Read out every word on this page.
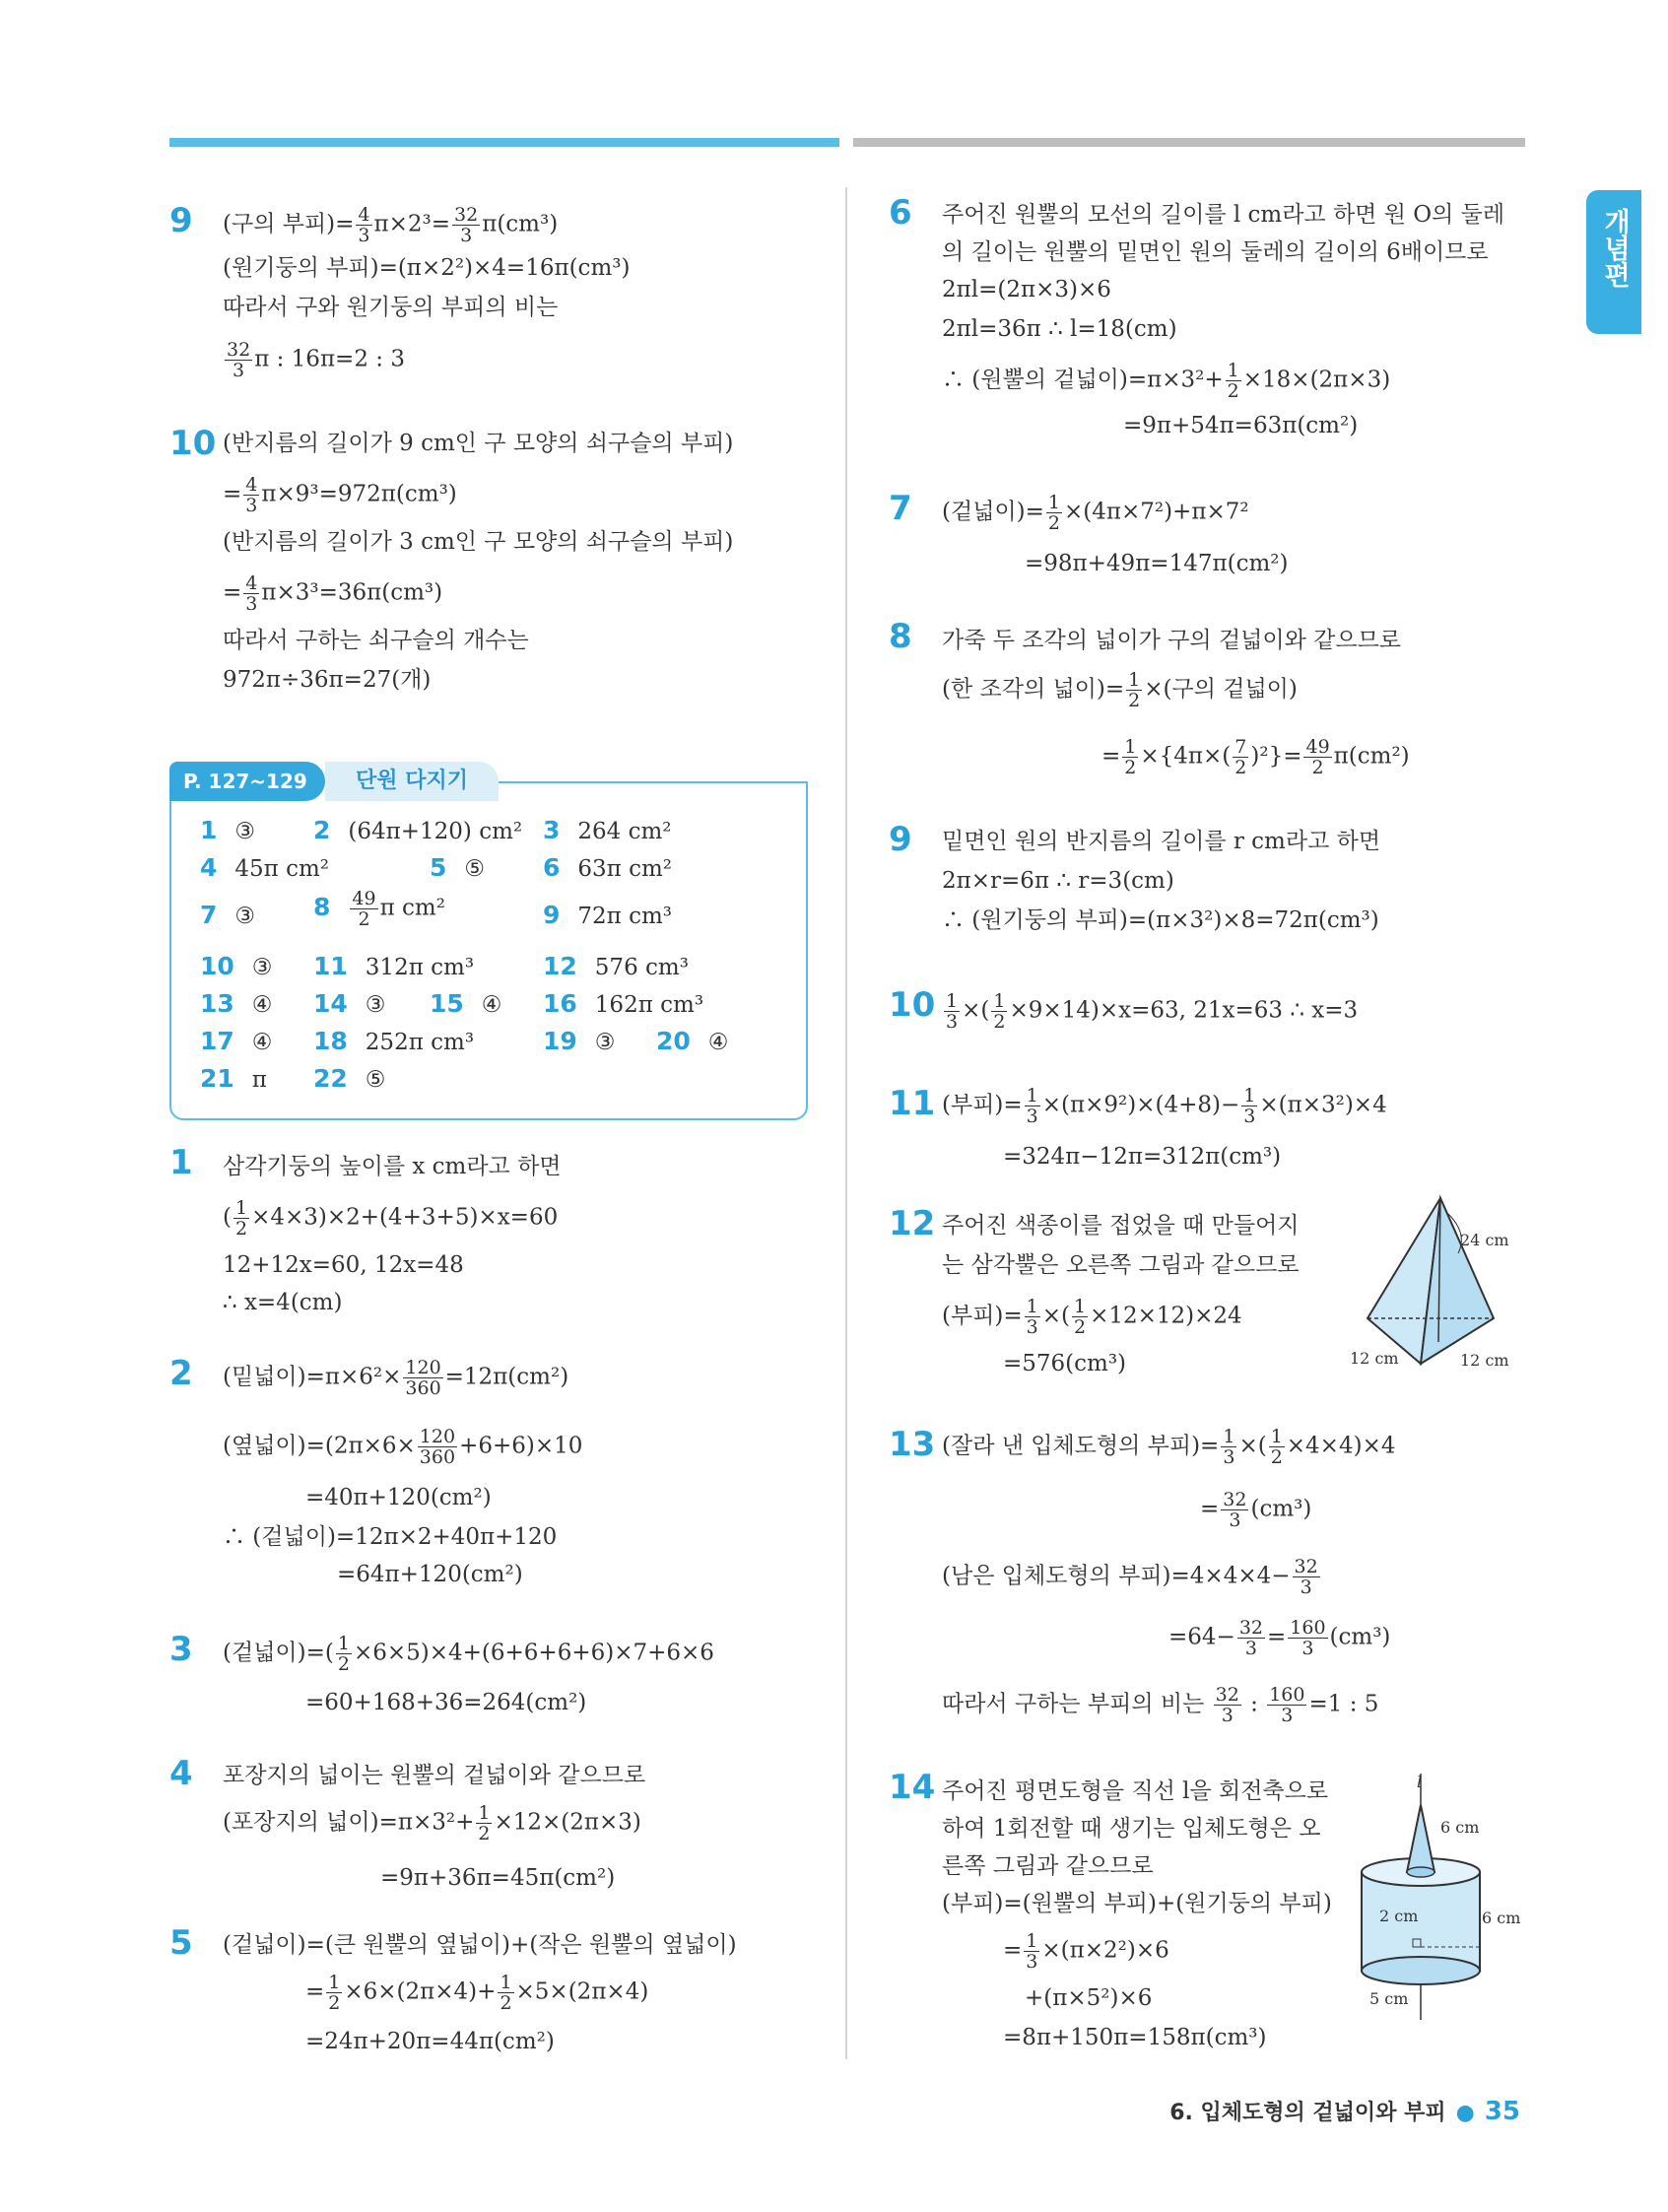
개념편
9 (구의 부피)= $\frac{4}{3} \pi\times 2^3= \frac{32}{3} \pi(cm^3)$
(원기둥의 부피)=(π×2²)×4=16π(cm³)
따라서 구와 원기둥의 부피의 비는
$\frac{32}{3}$ π : 16π=2 : 3
10 (반지름의 길이가 9 cm인 구 모양의 쇠구슬의 부피)
= $\frac{4}{3} \pi\times 9^3=972\pi(cm^3)$
(반지름의 길이가 3 cm인 구 모양의 쇠구슬의 부피)
= $\frac{4}{3} \pi\times 3^3=36\pi(cm^3)$
따라서 구하는 쇠구슬의 개수는
972π÷36π=27(개)
P. 127~129	단원 다지기
1 ③ 2 (64π+120) cm² 3 264 cm²
4 45π cm²	5 ⑤ 6 63π cm²
7 ③ $8 \frac{49}{2}$ π cm²	9 72π cm³
10 ③ 11 312π cm³	12 576 cm³
13 ④ 14 ③ 15 ④ 16 162π cm³
17 ④ 18 252π cm³	19 ③ 20 ④
21 π 22 ⑤
1 삼각기둥의 높이를 x cm라고 하면
( $\frac{1}{2} \times 4\times 3)\times 2+(4+3+5)\times x=60$
12+12x=60, 12x=48
∴ x=4(cm)
2 (밑넓이)$=\pi\times 6^2\times \frac{120}{360} =12\pi(cm^2)$
(옆넓이)$=(2\pi\times 6\times \frac{120}{360} +6+6)\times 10$
=40π+120(cm²)
∴ (겉넓이)=12π×2+40π+120
=64π+120(cm²)
3 (겉넓이)=( $\frac{1}{2} \times 6\times 5)\times 4+(6+6+6+6)\times 7+6\times 6$
=60+168+36=264(cm²)
4 포장지의 넓이는 원뿔의 겉넓이와 같으므로
(포장지의 넓이)$=\pi\times 3^2+ \frac{1}{2} \times 12\times(2\pi\times 3)$
=9π+36π=45π(cm²)
5 (겉넓이)=(큰 원뿔의 옆넓이)+(작은 원뿔의 옆넓이)
= $\frac{1}{2} \times 6\times(2\pi\times 4)+ \frac{1}{2} \times 5\times(2\pi\times 4)$
=24π+20π=44π(cm²)
6 주어진 원뿔의 모선의 길이를 l cm라고 하면 원 O의 둘레
의 길이는 원뿔의 밑면인 원의 둘레의 길이의 6배이므로
2πl=(2π×3)×6
2πl=36π ∴ l=18(cm)
∴ (원뿔의 겉넓이)$=\pi\times 3^2+ \frac{1}{2} \times 18\times(2\pi\times 3)$
=9π+54π=63π(cm²)
7 (겉넓이)= $\frac{1}{2} \times(4\pi\times 7^2)+\pi\times 7^2$
=98π+49π=147π(cm²)
8 가죽 두 조각의 넓이가 구의 겉넓이와 같으므로
(한 조각의 넓이)= $\frac{1}{2}$ ×(구의 겉넓이)
= $\frac{1}{2} \times\{4\pi\times( \frac{7}{2} )^2\}= \frac{49}{2} \pi(cm^2)$
9 밑면인 원의 반지름의 길이를 r cm라고 하면
2π×r=6π ∴ r=3(cm)
∴ (원기둥의 부피)=(π×3²)×8=72π(cm³)
$10 \frac{1}{3}$ ×( $\frac{1}{2} \times 9\times 14)\times x=63$, 21x=63 ∴ x=3
11 (부피)= $\frac{1}{3} \times(\pi\times 9^2)\times(4+8)- \frac{1}{3} \times(\pi\times 3^2)\times 4$
=324π−12π=312π(cm³)
12 주어진 색종이를 접었을 때 만들어지
는 삼각뿔은 오른쪽 그림과 같으므로
(부피)= $\frac{1}{3}$ ×( $\frac{1}{2} \times 12\times 12)\times 24$
=576(cm³)
24 cm
12 cm	12 cm
13 (잘라 낸 입체도형의 부피)= $\frac{1}{3}$ ×( $\frac{1}{2} \times 4\times 4)\times 4$
= $\frac{32}{3} (cm^3)$
(남은 입체도형의 부피)$=4\times 4\times 4- \frac{32}{3}$
$=64- \frac{32}{3} = \frac{160}{3} (cm^3)$
따라서 구하는 부피의 비는 $\frac{32}{3}$ : $\frac{160}{3} =1$ : 5
14 주어진 평면도형을 직선 l을 회전축으로
하여 1회전할 때 생기는 입체도형은 오
른쪽 그림과 같으므로
(부피)=(원뿔의 부피)+(원기둥의 부피)
= $\frac{1}{3} \times(\pi\times 2^2)\times 6$
+(π×5²)×6
=8π+150π=158π(cm³)
l
6 cm
2 cm	6 cm
5 cm
6. 입체도형의 겉넓이와 부피 ● 35
